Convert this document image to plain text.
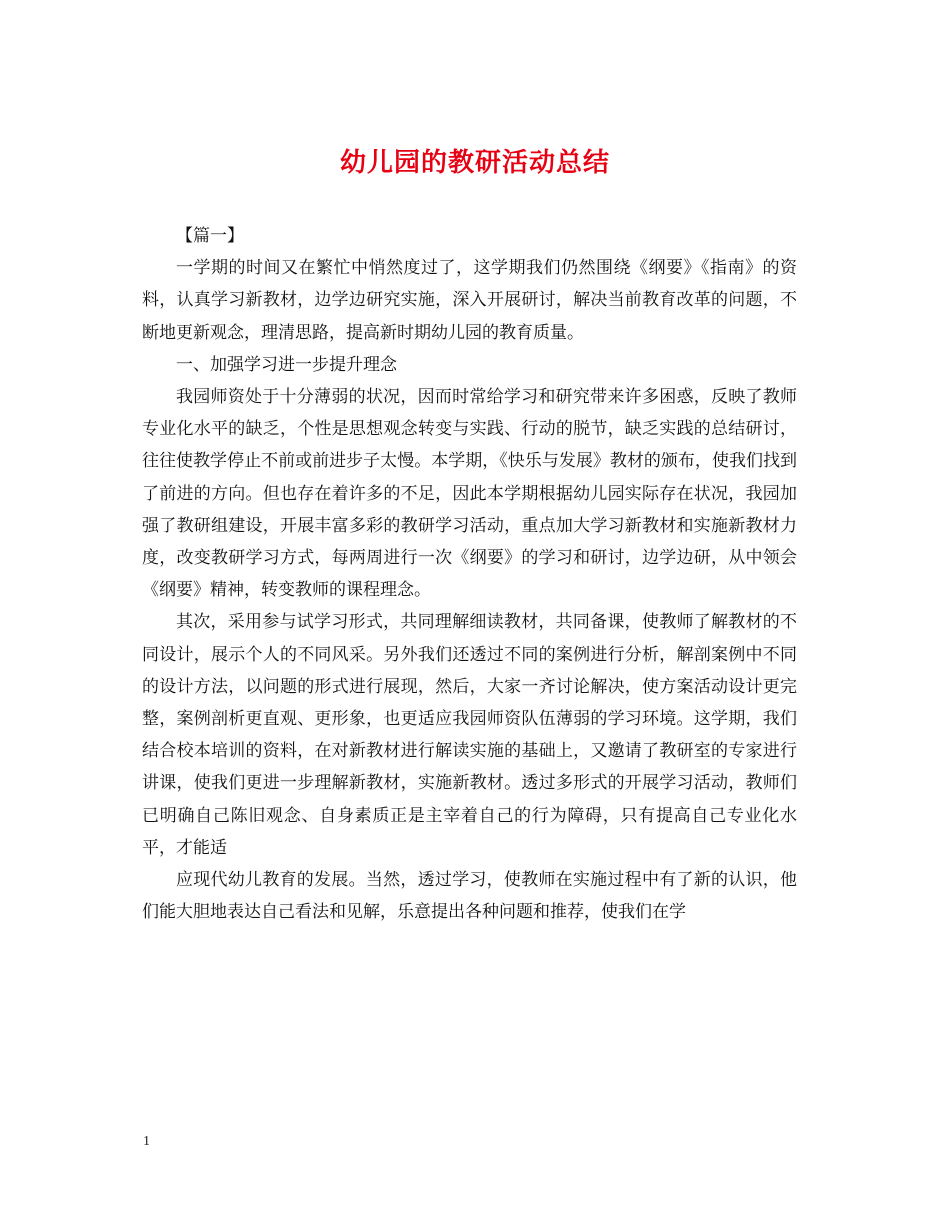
幼儿园的教研活动总结

【篇一】

一学期的时间又在繁忙中悄然度过了，这学期我们仍然围绕《纲要》《指南》的资料，认真学习新教材，边学边研究实施，深入开展研讨，解决当前教育改革的问题，不断地更新观念，理清思路，提高新时期幼儿园的教育质量。

一、加强学习进一步提升理念

我园师资处于十分薄弱的状况，因而时常给学习和研究带来许多困惑，反映了教师专业化水平的缺乏，个性是思想观念转变与实践、行动的脱节，缺乏实践的总结研讨，往往使教学停止不前或前进步子太慢。本学期，《快乐与发展》教材的颁布，使我们找到了前进的方向。但也存在着许多的不足，因此本学期根据幼儿园实际存在状况，我园加强了教研组建设，开展丰富多彩的教研学习活动，重点加大学习新教材和实施新教材力度，改变教研学习方式，每两周进行一次《纲要》的学习和研讨，边学边研，从中领会《纲要》精神，转变教师的课程理念。

其次，采用参与试学习形式，共同理解细读教材，共同备课，使教师了解教材的不同设计，展示个人的不同风采。另外我们还透过不同的案例进行分析，解剖案例中不同的设计方法，以问题的形式进行展现，然后，大家一齐讨论解决，使方案活动设计更完整，案例剖析更直观、更形象，也更适应我园师资队伍薄弱的学习环境。这学期，我们结合校本培训的资料，在对新教材进行解读实施的基础上，又邀请了教研室的专家进行讲课，使我们更进一步理解新教材，实施新教材。透过多形式的开展学习活动，教师们已明确自己陈旧观念、自身素质正是主宰着自己的行为障碍，只有提高自己专业化水平，才能适

应现代幼儿教育的发展。当然，透过学习，使教师在实施过程中有了新的认识，他们能大胆地表达自己看法和见解，乐意提出各种问题和推荐，使我们在学

1
